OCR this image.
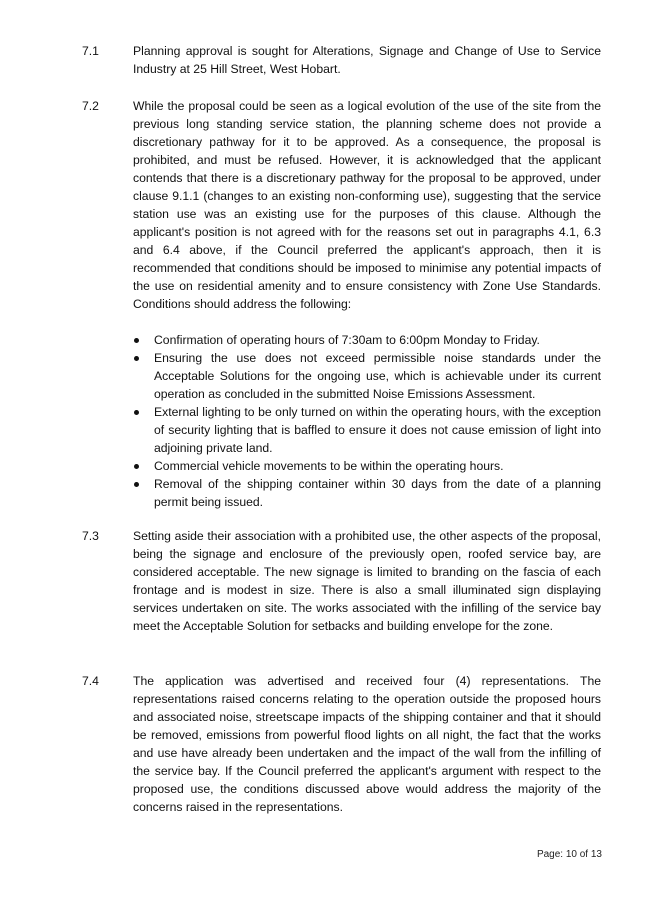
7.1	Planning approval is sought for Alterations, Signage and Change of Use to Service Industry at 25 Hill Street, West Hobart.

7.2	While the proposal could be seen as a logical evolution of the use of the site from the previous long standing service station, the planning scheme does not provide a discretionary pathway for it to be approved. As a consequence, the proposal is prohibited, and must be refused. However, it is acknowledged that the applicant contends that there is a discretionary pathway for the proposal to be approved, under clause 9.1.1 (changes to an existing non-conforming use), suggesting that the service station use was an existing use for the purposes of this clause. Although the applicant's position is not agreed with for the reasons set out in paragraphs 4.1, 6.3 and 6.4 above, if the Council preferred the applicant's approach, then it is recommended that conditions should be imposed to minimise any potential impacts of the use on residential amenity and to ensure consistency with Zone Use Standards. Conditions should address the following:

Confirmation of operating hours of 7:30am to 6:00pm Monday to Friday.
Ensuring the use does not exceed permissible noise standards under the Acceptable Solutions for the ongoing use, which is achievable under its current operation as concluded in the submitted Noise Emissions Assessment.
External lighting to be only turned on within the operating hours, with the exception of security lighting that is baffled to ensure it does not cause emission of light into adjoining private land.
Commercial vehicle movements to be within the operating hours.
Removal of the shipping container within 30 days from the date of a planning permit being issued.
7.3	Setting aside their association with a prohibited use, the other aspects of the proposal, being the signage and enclosure of the previously open, roofed service bay, are considered acceptable. The new signage is limited to branding on the fascia of each frontage and is modest in size. There is also a small illuminated sign displaying services undertaken on site. The works associated with the infilling of the service bay meet the Acceptable Solution for setbacks and building envelope for the zone.

7.4	The application was advertised and received four (4) representations. The representations raised concerns relating to the operation outside the proposed hours and associated noise, streetscape impacts of the shipping container and that it should be removed, emissions from powerful flood lights on all night, the fact that the works and use have already been undertaken and the impact of the wall from the infilling of the service bay. If the Council preferred the applicant's argument with respect to the proposed use, the conditions discussed above would address the majority of the concerns raised in the representations.

Page: 10 of 13
